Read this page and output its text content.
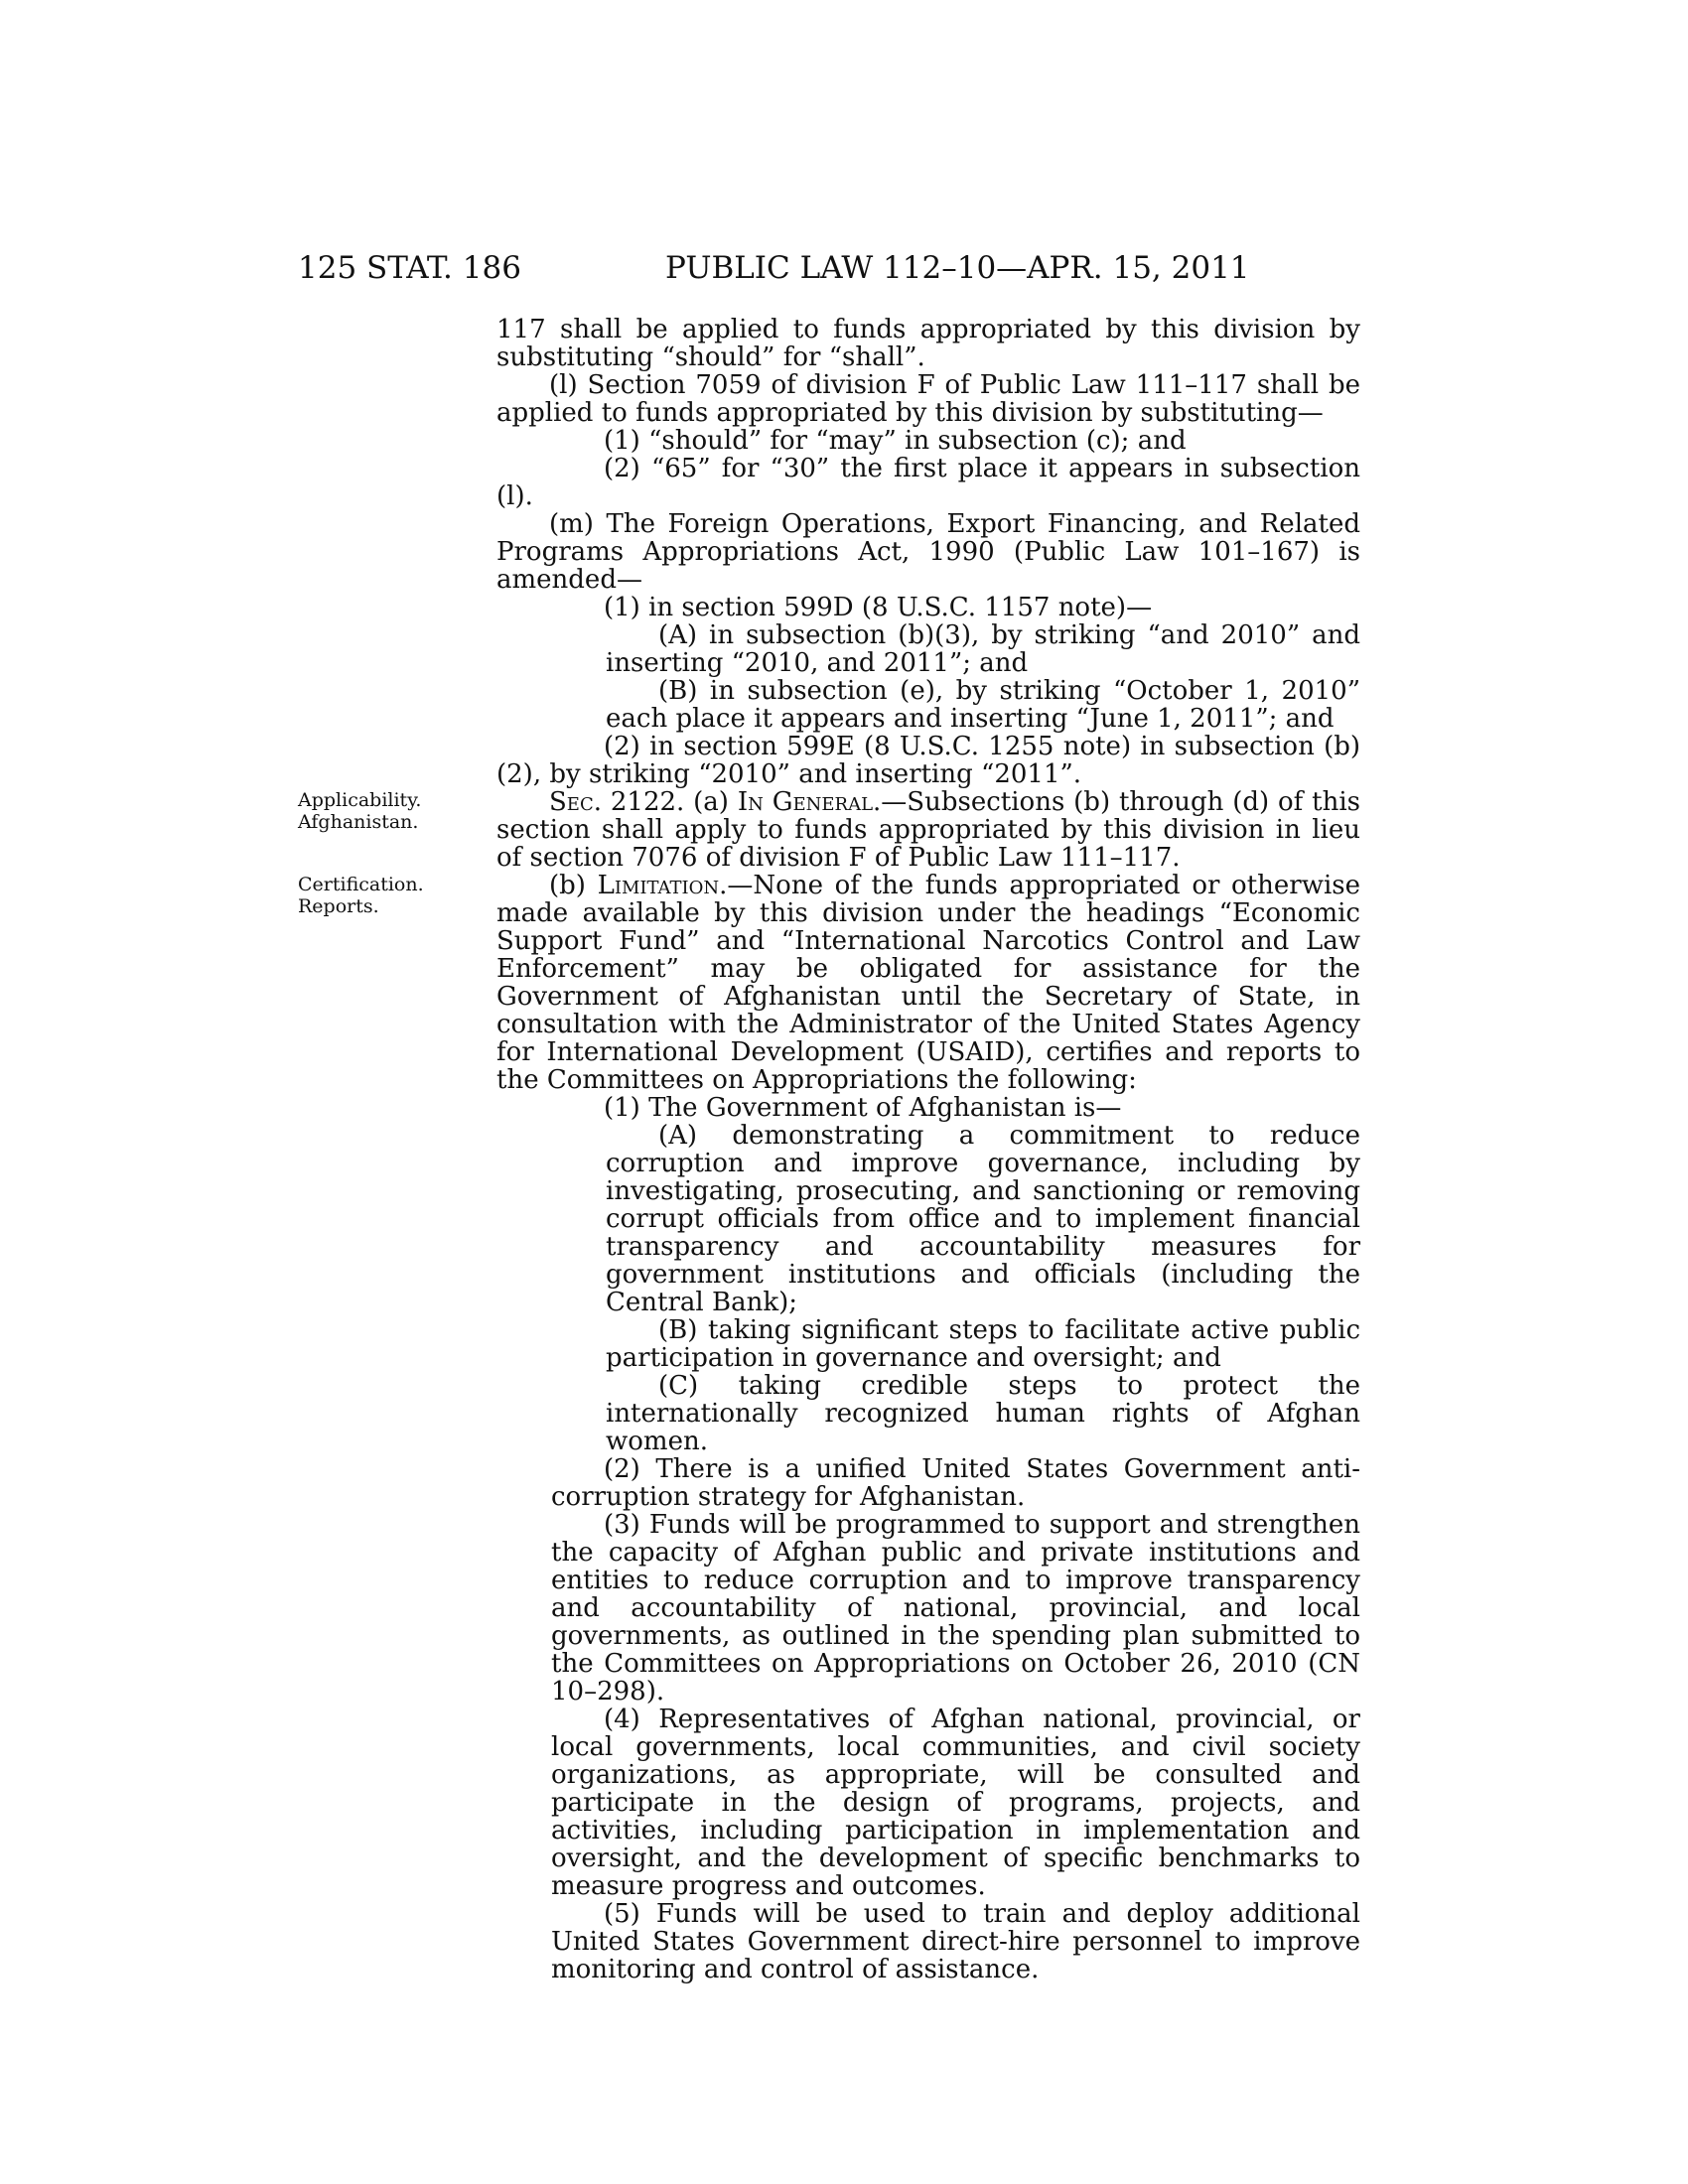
125 STAT. 186	PUBLIC LAW 112–10—APR. 15, 2011
Applicability.
Afghanistan.
Certification.
Reports.

117 shall be applied to funds appropriated by this division by substituting “should” for “shall”.

(l) Section 7059 of division F of Public Law 111–117 shall be applied to funds appropriated by this division by substituting—

(1) “should” for “may” in subsection (c); and

(2) “65” for “30” the first place it appears in subsection (l).

(m) The Foreign Operations, Export Financing, and Related Programs Appropriations Act, 1990 (Public Law 101–167) is amended—

(1) in section 599D (8 U.S.C. 1157 note)—

(A) in subsection (b)(3), by striking “and 2010” and inserting “2010, and 2011”; and

(B) in subsection (e), by striking “October 1, 2010” each place it appears and inserting “June 1, 2011”; and

(2) in section 599E (8 U.S.C. 1255 note) in subsection (b)(2), by striking “2010” and inserting “2011”.

Sec. 2122. (a) In General.—Subsections (b) through (d) of this section shall apply to funds appropriated by this division in lieu of section 7076 of division F of Public Law 111–117.

(b) Limitation.—None of the funds appropriated or otherwise made available by this division under the headings “Economic Support Fund” and “International Narcotics Control and Law Enforcement” may be obligated for assistance for the Government of Afghanistan until the Secretary of State, in consultation with the Administrator of the United States Agency for International Development (USAID), certifies and reports to the Committees on Appropriations the following:

(1) The Government of Afghanistan is—

(A) demonstrating a commitment to reduce corruption and improve governance, including by investigating, prosecuting, and sanctioning or removing corrupt officials from office and to implement financial transparency and accountability measures for government institutions and officials (including the Central Bank);

(B) taking significant steps to facilitate active public participation in governance and oversight; and

(C) taking credible steps to protect the internationally recognized human rights of Afghan women.

(2) There is a unified United States Government anti-corruption strategy for Afghanistan.

(3) Funds will be programmed to support and strengthen the capacity of Afghan public and private institutions and entities to reduce corruption and to improve transparency and accountability of national, provincial, and local governments, as outlined in the spending plan submitted to the Committees on Appropriations on October 26, 2010 (CN 10–298).

(4) Representatives of Afghan national, provincial, or local governments, local communities, and civil society organizations, as appropriate, will be consulted and participate in the design of programs, projects, and activities, including participation in implementation and oversight, and the development of specific benchmarks to measure progress and outcomes.

(5) Funds will be used to train and deploy additional United States Government direct-hire personnel to improve monitoring and control of assistance.
